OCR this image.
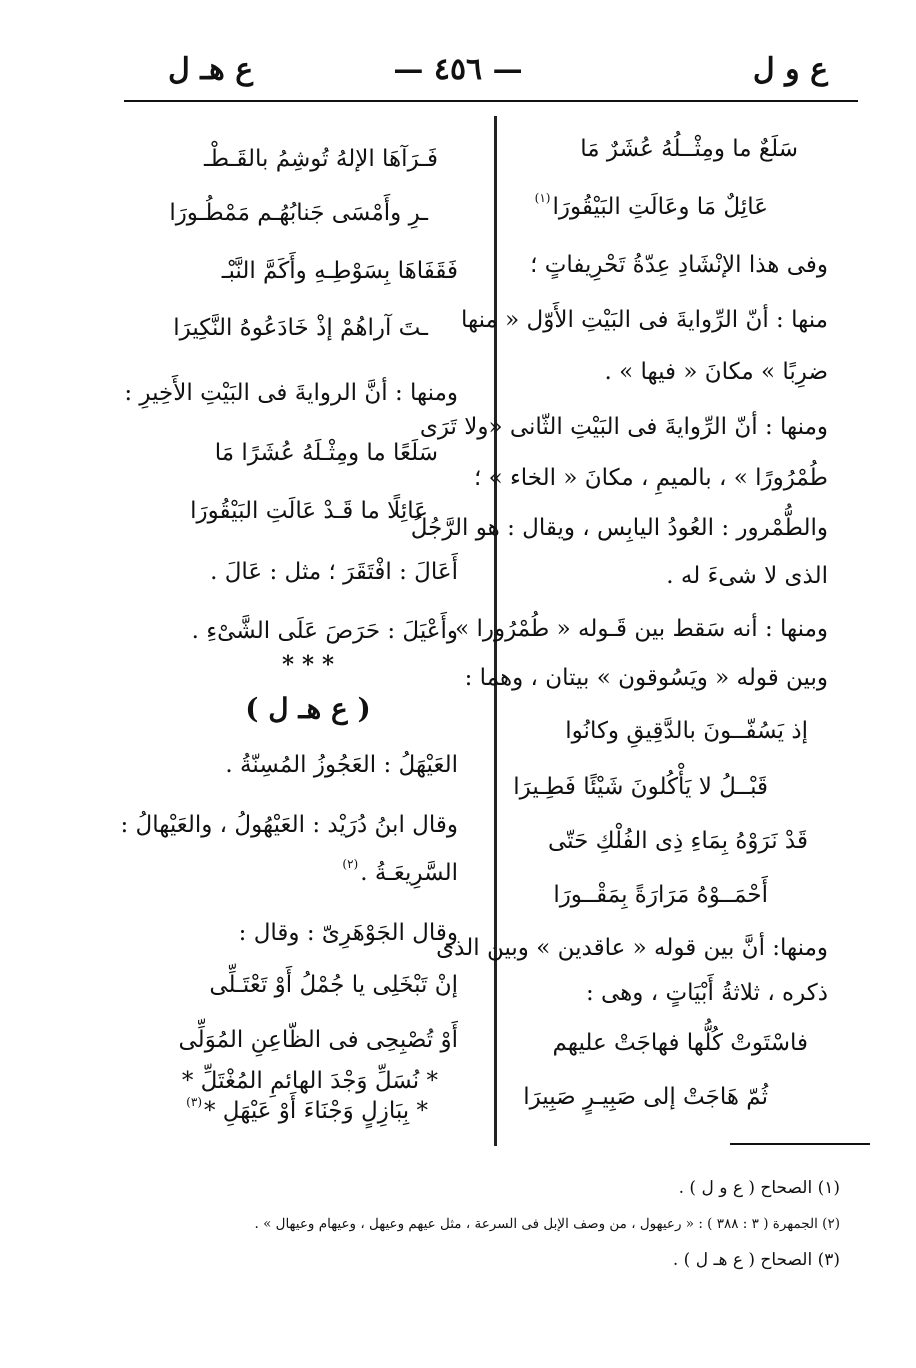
ع و ل
— ٤٥٦ —
ع هـ ل
سَلَعٌ ما ومِثْــلُهُ عُشَرٌ مَا
عَائِلٌ مَا وعَالَتِ البَيْقُورَا$^{(١)}$
وفى هذا الإنْشَادِ عِدّةُ تَحْرِيفاتٍ ؛
منها : أنّ الرِّوايةَ فى البَيْتِ الأَوّل « منها
ضرِبًا » مكانَ « فيها » .
ومنها : أنّ الرِّوايةَ فى البَيْتِ الثّانى «ولا تَرَى
طُمْرُورًا » ، بالميمِ ، مكانَ « الخاء » ؛
والطُّمْرور : العُودُ اليابِس ، ويقال : هو الرَّجُلُ
الذى لا شىءَ له .
ومنها : أنه سَقط بين قَـوله « طُمْرُورا »
وبين قوله « ويَسُوقون » بيتان ، وهما :
إذ يَسُفّــونَ بالدَّقِيقِ وكانُوا
قَبْــلُ لا يَأْكُلونَ شَيْئًا فَطِـيرَا
قَدْ نَرَوْهُ بِمَاءِ ذِى الفُلْكِ حَتّى
أَحْمَــوْهُ مَرَارَةً بِمَقْــورَا
ومنها: أنَّ بين قوله « عاقدين » وبين الذى
ذكره ، ثلاثةُ أَبْيَاتٍ ، وهى :
فاسْتَوتْ كُلُّها فهاجَتْ عليهم
ثُمّ هَاجَتْ إلى صَبِيـرٍ صَبِيرَا
فَـرَآهَا الإلهُ تُوشِمُ بالقَـطْـ
ـرِ وأَمْسَى جَنابُهُـم مَمْطُـورَا
فَقَفَاهَا بِسَوْطِـهِ وأَكَمَّ النَّبْـ
ـتَ آراهُمْ إذْ خَادَعُوهُ النَّكِيرَا
ومنها : أنَّ الروايةَ فى البَيْتِ الأَخِيرِ :
سَلَعًا ما ومِثْـلَهُ عُشَرًا مَا
عَائِلًا ما قَـدْ عَالَتِ البَيْقُورَا
أَعَالَ : افْتَقَرَ ؛ مثل : عَالَ .
وأَعْيَلَ : حَرَصَ عَلَى الشَّىْءِ .
* * *
( ع هـ ل )
العَيْهَلُ : العَجُوزُ المُسِنّةُ .
وقال ابنُ دُرَيْد : العَيْهُولُ ، والعَيْهالُ :
السَّرِيعَـةُ .$^{(٢)}$
وقال الجَوْهَرِىّ : وقال :
إنْ تَبْخَلِى يا جُمْلُ أَوْ تَعْتَـلِّى
أَوْ تُصْبِحِى فى الظّاعِنِ المُوَلِّى
* نُسَلِّ وَجْدَ الهائمِ المُغْتَلِّ *
* بِبَازِلٍ وَجْنَاءَ أَوْ عَيْهَلِ *$^{(٣)}$
(١) الصحاح ( ع و ل ) .
(٢) الجمهرة ( ٣ : ٣٨٨ ) : « رعيهول ، من وصف الإبل فى السرعة ، مثل عيهم وعيهل ، وعيهام وعيهال » .
(٣) الصحاح ( ع هـ ل ) .
